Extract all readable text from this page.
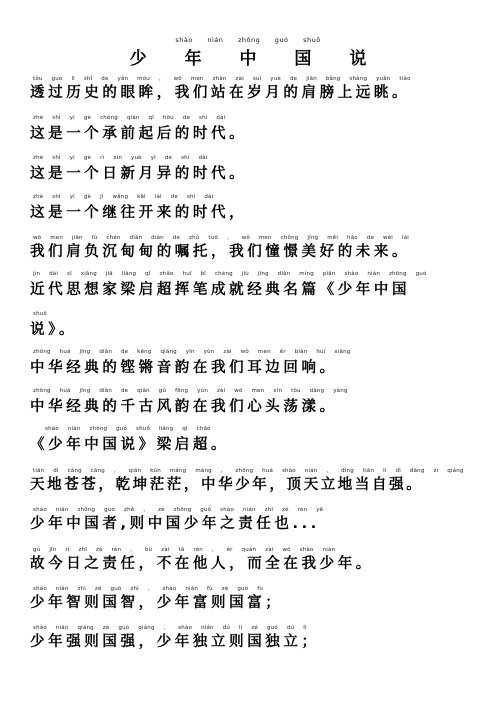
shào nián zhōng guó shuō
少 年 中 国 说
tòu guò lì shǐ de yǎn móu ， wǒ men zhàn zài suì yuè de jiān bǎng shàng yuǎn tiào
透过历史的眼眸，我们站在岁月的肩膀上远眺。
zhè shì yí gè chéng qián qǐ hòu de shí dài
这是一个承前起后的时代。
zhè shì yí gè rì xīn yuè yì de shí dài
这是一个日新月异的时代。
zhè shì yí gè jì wǎng kāi lái de shí dài
这是一个继往开来的时代，
wǒ men jiān fù chén diàn diàn de zhǔ tuō ， wǒ men chōng jǐng měi hǎo de wèi lái
我们肩负沉甸甸的嘱托，我们憧憬美好的未来。
jìn dài sī xiǎng jiā liáng qǐ chāo huī bǐ chéng jiù jīng diǎn míng piān shào nián zhōng guó
近代思想家梁启超挥笔成就经典名篇《少年中国
shuō
说》。
zhōng huá jīng diǎn de kēng qiāng yīn yùn zài wǒ men ěr biān huí xiǎng
中华经典的铿锵音韵在我们耳边回响。
zhōng huá jīng diǎn de qiān gǔ fēng yùn zài wǒ men xīn tóu dàng yàng
中华经典的千古风韵在我们心头荡漾。
shào nián zhōng guó shuō liáng qǐ chāo
《少年中国说》梁启超。
tiān dì cāng cāng ， qián kūn máng máng ， zhōng huá shào nián ， dǐng tiān lì dì dāng zì qiáng
天地苍苍，乾坤茫茫，中华少年，顶天立地当自强。
shào nián zhōng guó zhě ， zé zhōng guó shào nián zhī zé rèn yě
少年中国者,则中国少年之责任也...
gù jīn rì zhī zé rèn ， bù zài tā rén ， ér quán zài wǒ shào nián
故今日之责任，不在他人，而全在我少年。
shào nián zhì zé guó zhì ， shào nián fù zé guó fù
少年智则国智，少年富则国富；
shào nián qiáng zé guó qiáng ， shào nián dú lì zé guó dú lì
少年强则国强，少年独立则国独立；
